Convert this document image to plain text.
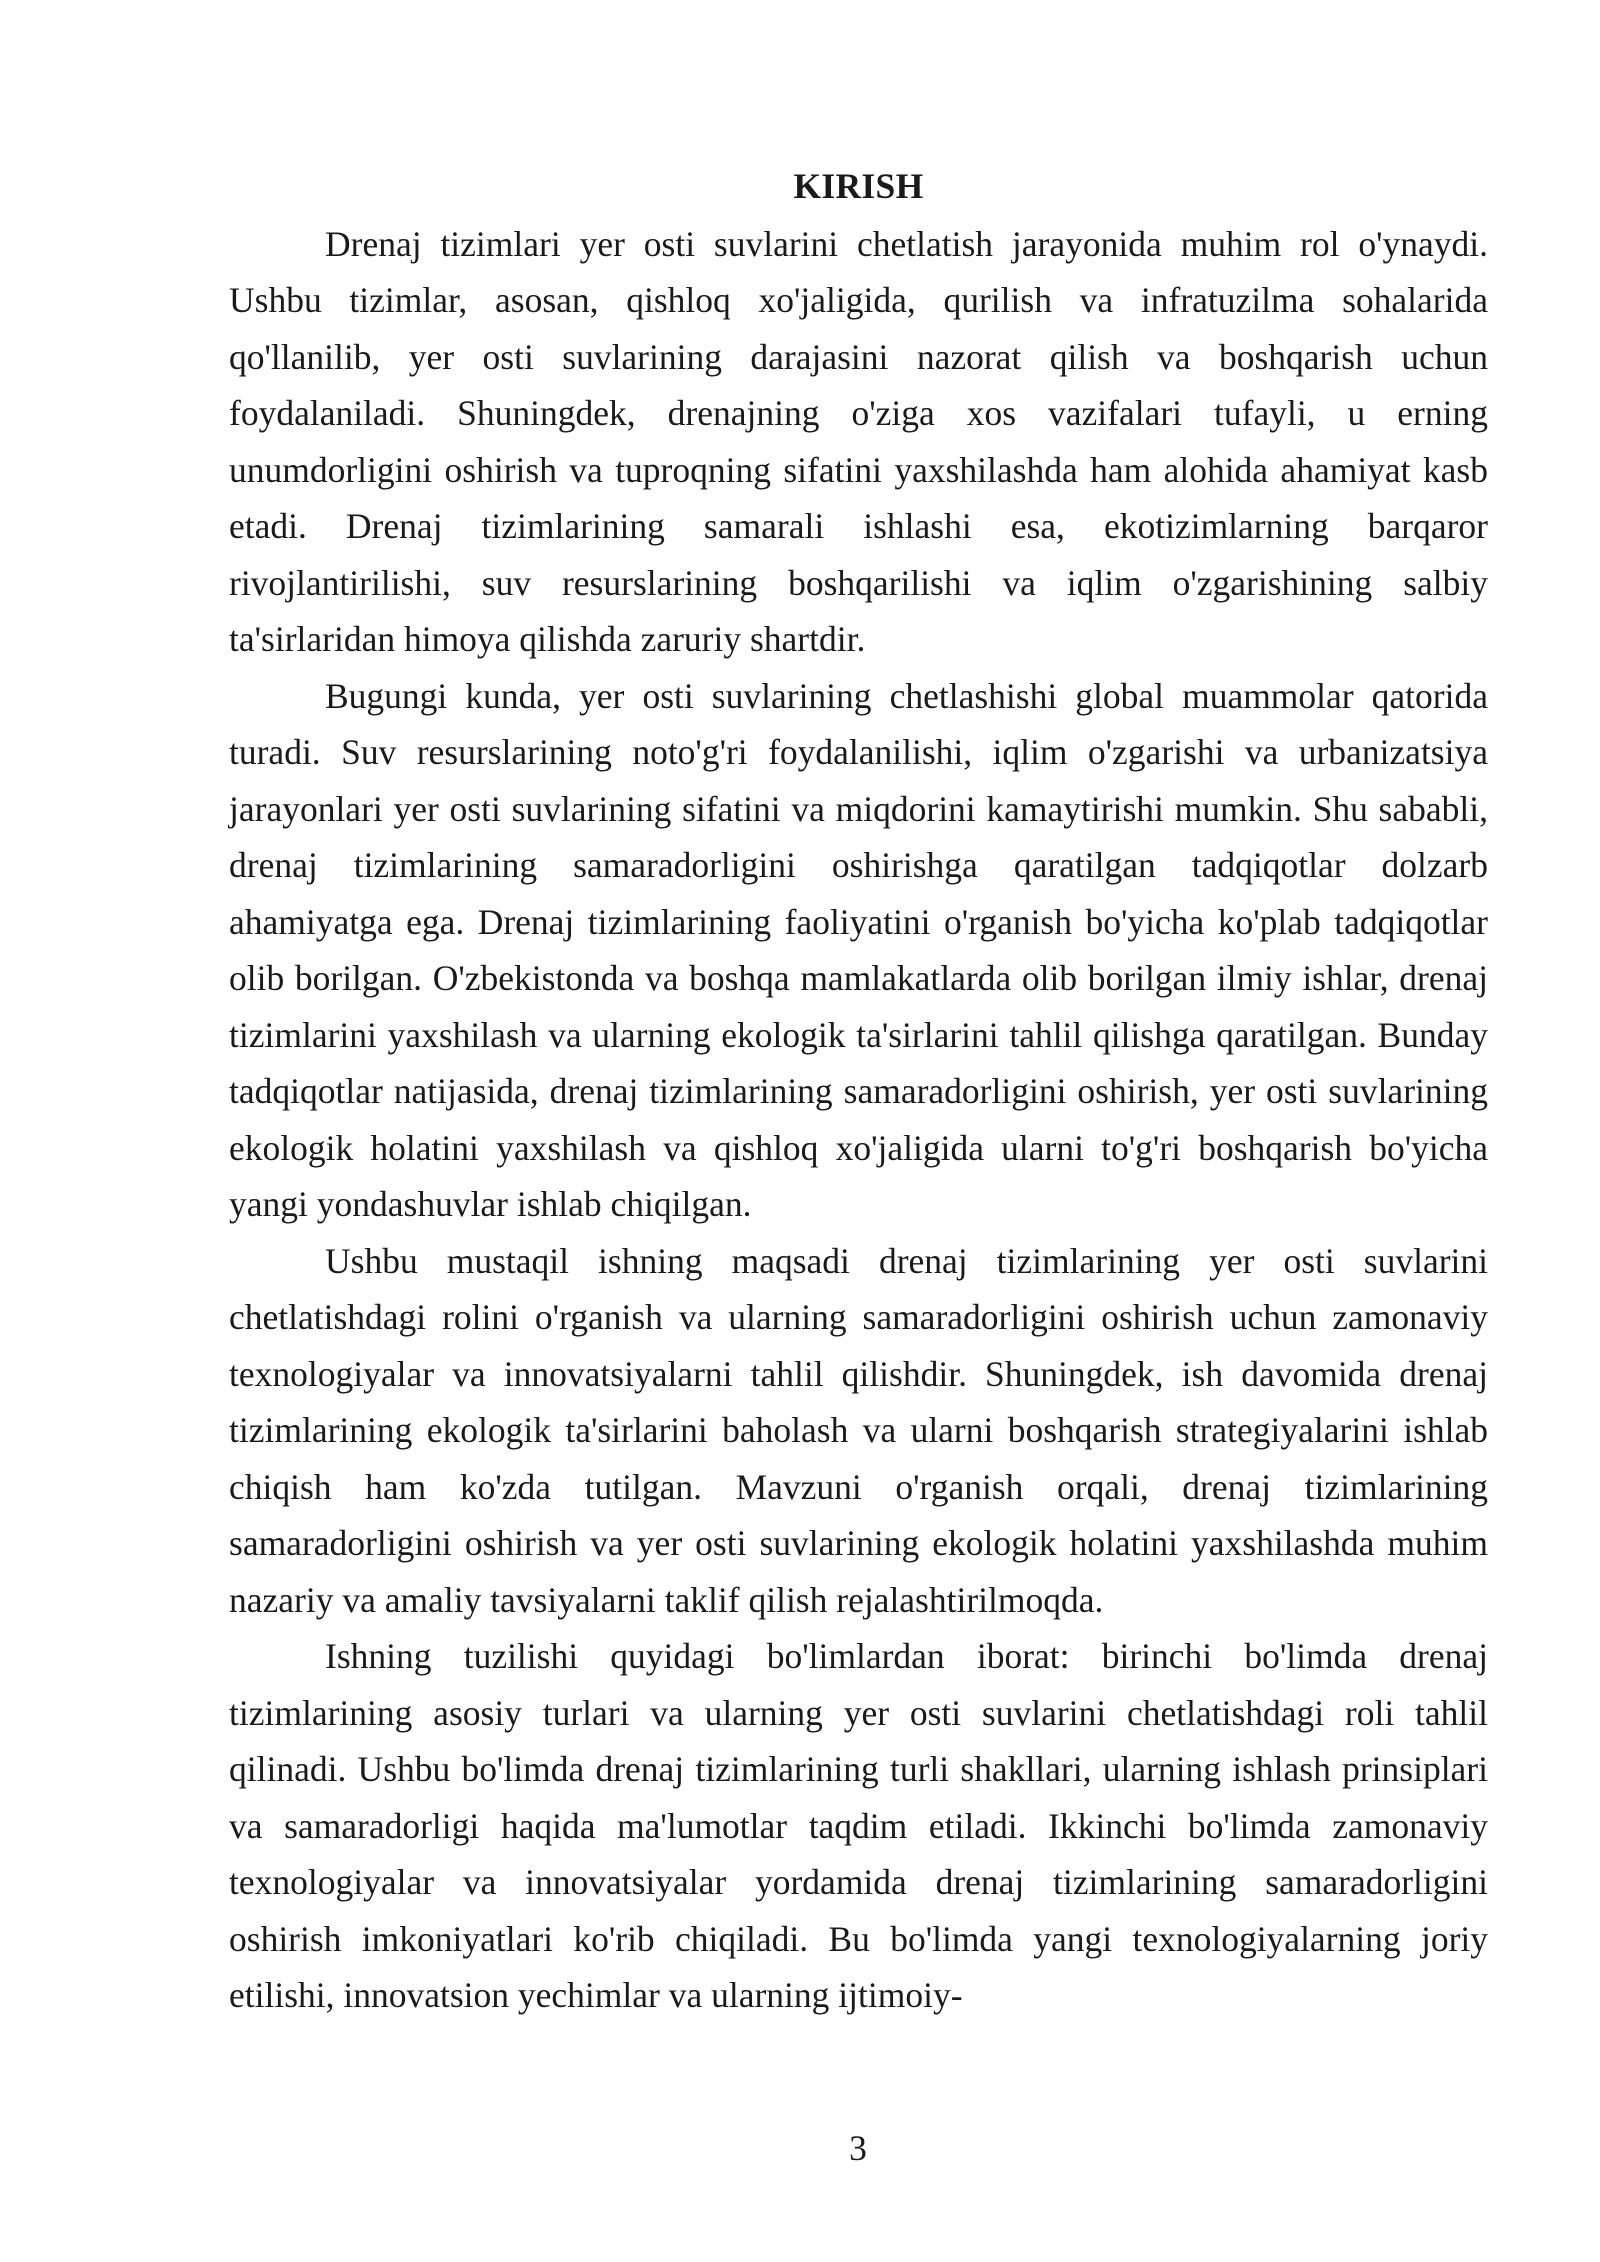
KIRISH

Drenaj tizimlari yer osti suvlarini chetlatish jarayonida muhim rol o'ynaydi. Ushbu tizimlar, asosan, qishloq xo'jaligida, qurilish va infratuzilma sohalarida qo'llanilib, yer osti suvlarining darajasini nazorat qilish va boshqarish uchun foydalaniladi. Shuningdek, drenajning o'ziga xos vazifalari tufayli, u erning unumdorligini oshirish va tuproqning sifatini yaxshilashda ham alohida ahamiyat kasb etadi. Drenaj tizimlarining samarali ishlashi esa, ekotizimlarning barqaror rivojlantirilishi, suv resurslarining boshqarilishi va iqlim o'zgarishining salbiy ta'sirlaridan himoya qilishda zaruriy shartdir.

Bugungi kunda, yer osti suvlarining chetlashishi global muammolar qatorida turadi. Suv resurslarining noto'g'ri foydalanilishi, iqlim o'zgarishi va urbanizatsiya jarayonlari yer osti suvlarining sifatini va miqdorini kamaytirishi mumkin. Shu sababli, drenaj tizimlarining samaradorligini oshirishga qaratilgan tadqiqotlar dolzarb ahamiyatga ega. Drenaj tizimlarining faoliyatini o'rganish bo'yicha ko'plab tadqiqotlar olib borilgan. O'zbekistonda va boshqa mamlakatlarda olib borilgan ilmiy ishlar, drenaj tizimlarini yaxshilash va ularning ekologik ta'sirlarini tahlil qilishga qaratilgan. Bunday tadqiqotlar natijasida, drenaj tizimlarining samaradorligini oshirish, yer osti suvlarining ekologik holatini yaxshilash va qishloq xo'jaligida ularni to'g'ri boshqarish bo'yicha yangi yondashuvlar ishlab chiqilgan.

Ushbu mustaqil ishning maqsadi drenaj tizimlarining yer osti suvlarini chetlatishdagi rolini o'rganish va ularning samaradorligini oshirish uchun zamonaviy texnologiyalar va innovatsiyalarni tahlil qilishdir. Shuningdek, ish davomida drenaj tizimlarining ekologik ta'sirlarini baholash va ularni boshqarish strategiyalarini ishlab chiqish ham ko'zda tutilgan. Mavzuni o'rganish orqali, drenaj tizimlarining samaradorligini oshirish va yer osti suvlarining ekologik holatini yaxshilashda muhim nazariy va amaliy tavsiyalarni taklif qilish rejalashtirilmoqda.

Ishning tuzilishi quyidagi bo'limlardan iborat: birinchi bo'limda drenaj tizimlarining asosiy turlari va ularning yer osti suvlarini chetlatishdagi roli tahlil qilinadi. Ushbu bo'limda drenaj tizimlarining turli shakllari, ularning ishlash prinsiplari va samaradorligi haqida ma'lumotlar taqdim etiladi. Ikkinchi bo'limda zamonaviy texnologiyalar va innovatsiyalar yordamida drenaj tizimlarining samaradorligini oshirish imkoniyatlari ko'rib chiqiladi. Bu bo'limda yangi texnologiyalarning joriy etilishi, innovatsion yechimlar va ularning ijtimoiy-

3
